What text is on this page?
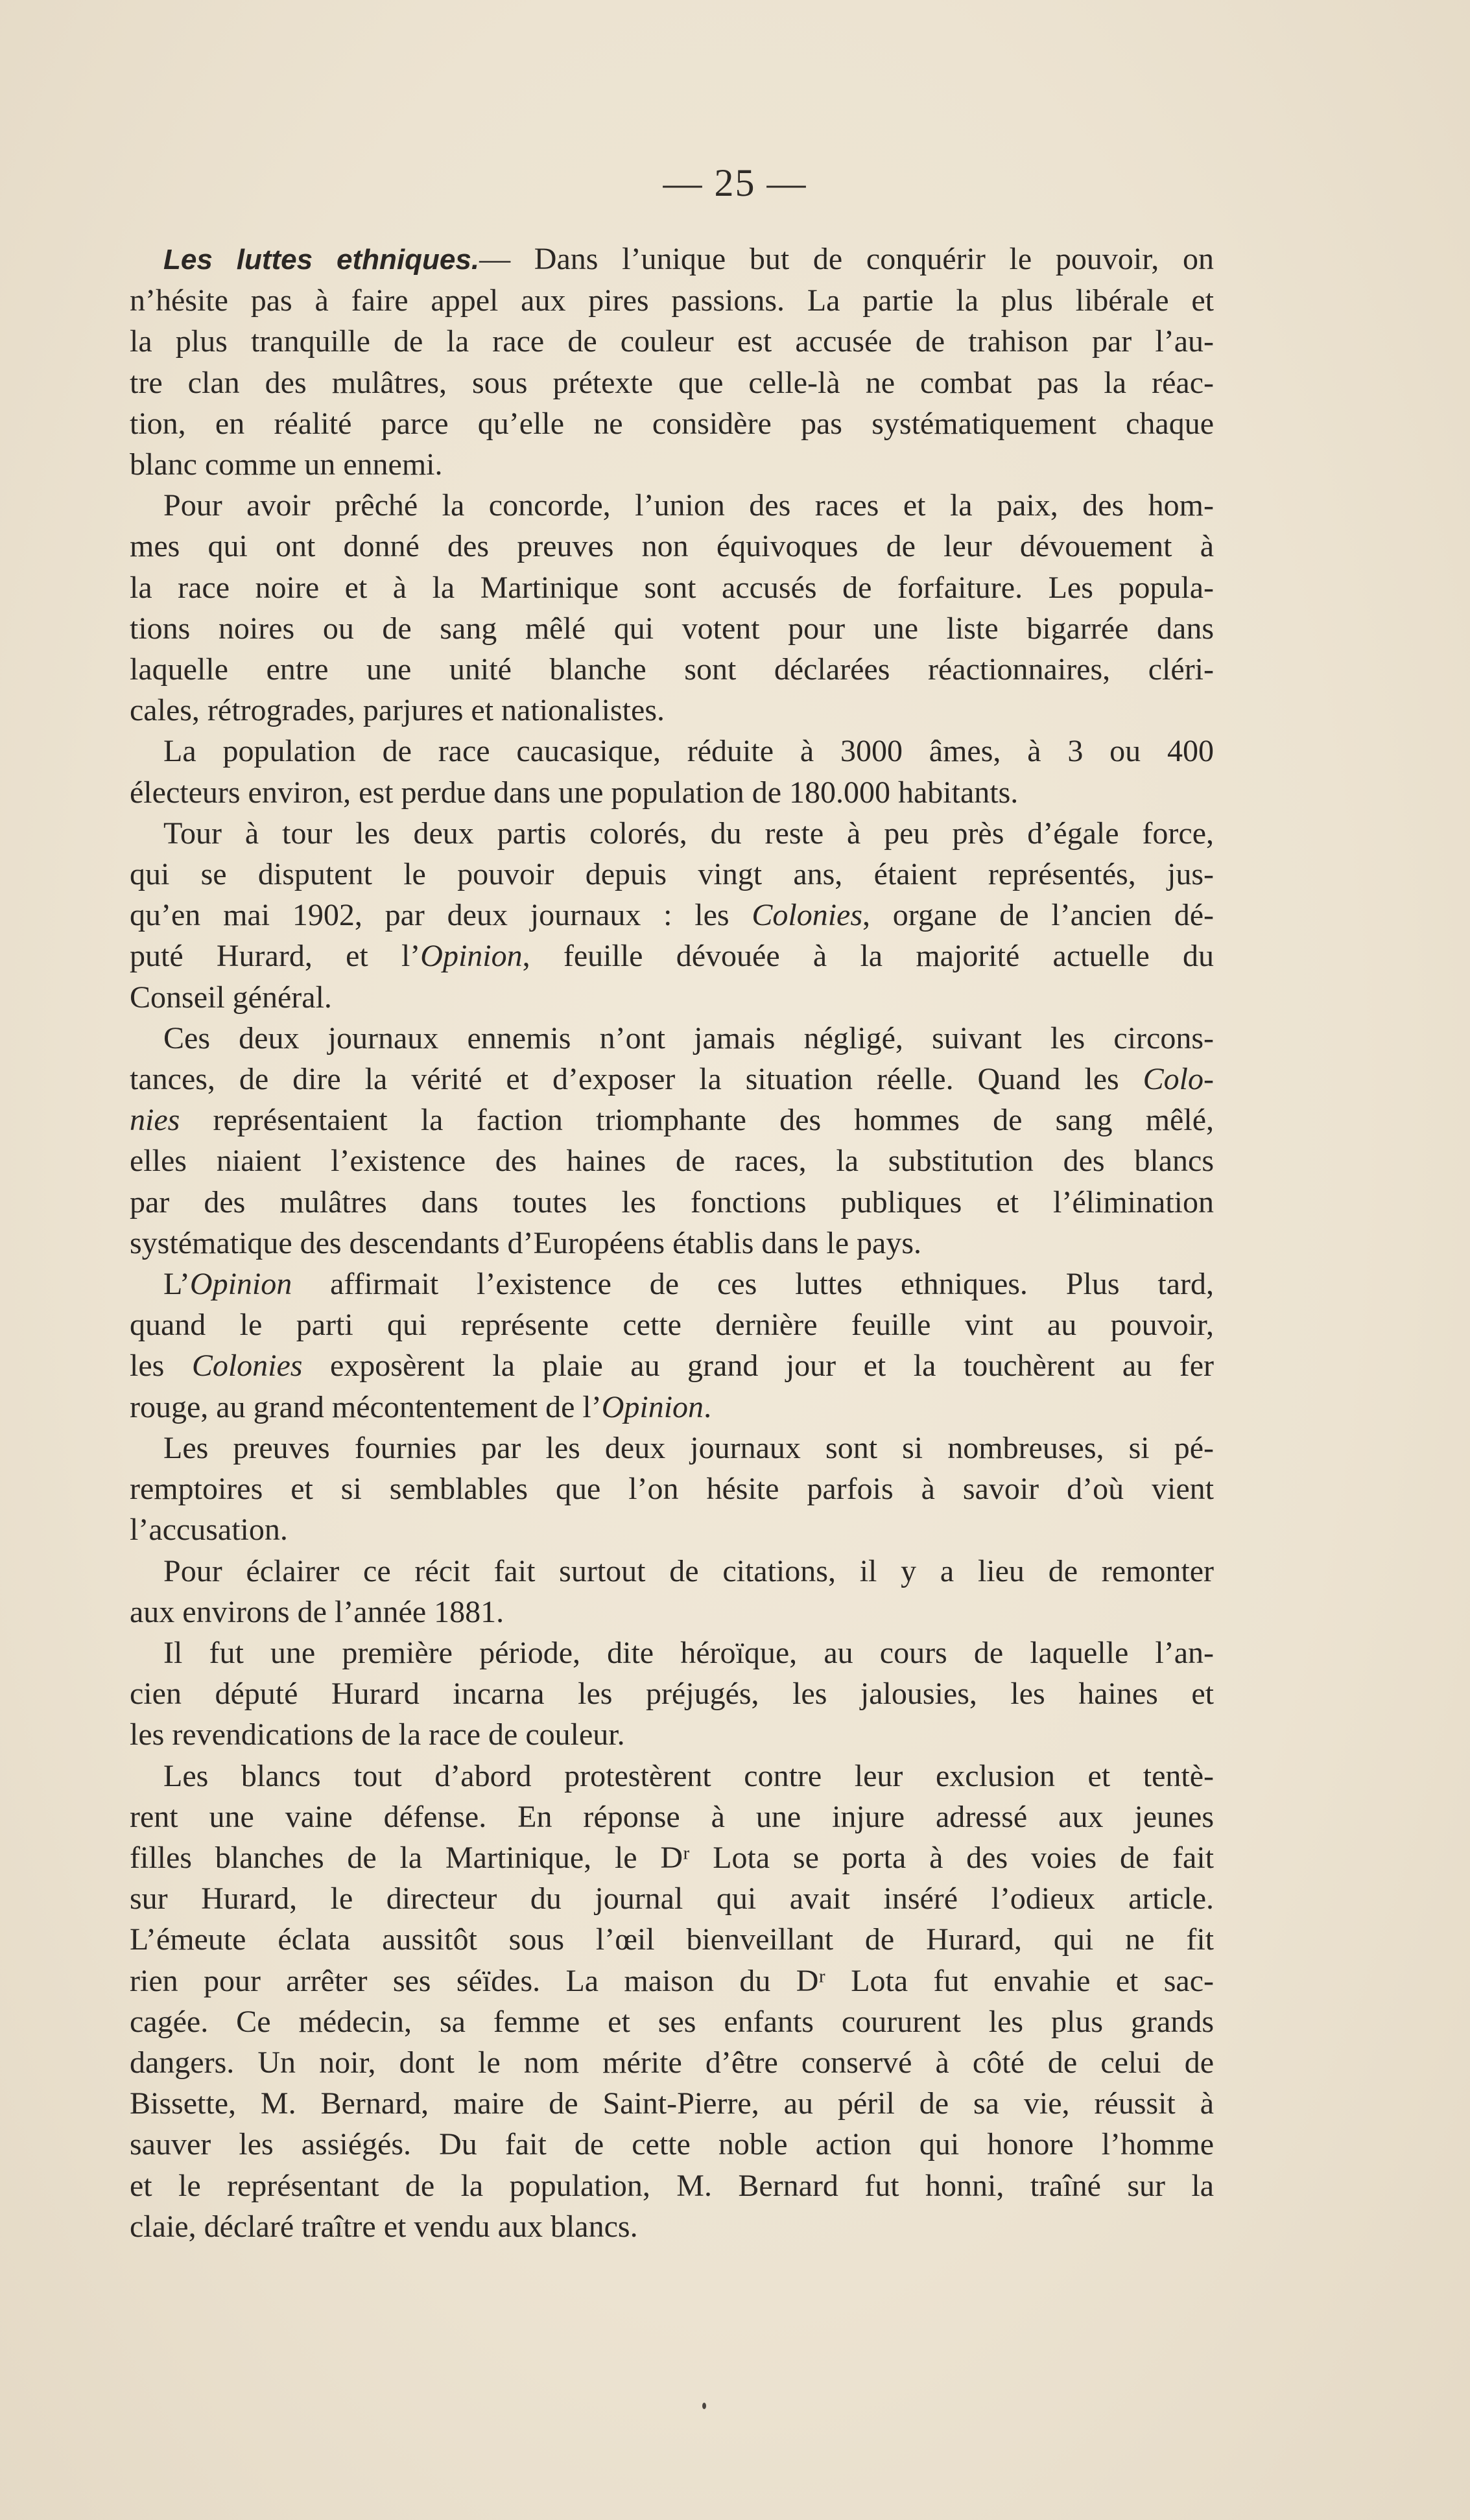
— 25 —
Les luttes ethniques.— Dans l’unique but de conquérir le pouvoir, on
n’hésite pas à faire appel aux pires passions. La partie la plus libérale et
la plus tranquille de la race de couleur est accusée de trahison par l’au-
tre clan des mulâtres, sous prétexte que celle-là ne combat pas la réac-
tion, en réalité parce qu’elle ne considère pas systématiquement chaque
blanc comme un ennemi.
Pour avoir prêché la concorde, l’union des races et la paix, des hom-
mes qui ont donné des preuves non équivoques de leur dévouement à
la race noire et à la Martinique sont accusés de forfaiture. Les popula-
tions noires ou de sang mêlé qui votent pour une liste bigarrée dans
laquelle entre une unité blanche sont déclarées réactionnaires, cléri-
cales, rétrogrades, parjures et nationalistes.
La population de race caucasique, réduite à 3000 âmes, à 3 ou 400
électeurs environ, est perdue dans une population de 180.000 habitants.
Tour à tour les deux partis colorés, du reste à peu près d’égale force,
qui se disputent le pouvoir depuis vingt ans, étaient représentés, jus-
qu’en mai 1902, par deux journaux : les Colonies, organe de l’ancien dé-
puté Hurard, et l’Opinion, feuille dévouée à la majorité actuelle du
Conseil général.
Ces deux journaux ennemis n’ont jamais négligé, suivant les circons-
tances, de dire la vérité et d’exposer la situation réelle. Quand les Colo-
nies représentaient la faction triomphante des hommes de sang mêlé,
elles niaient l’existence des haines de races, la substitution des blancs
par des mulâtres dans toutes les fonctions publiques et l’élimination
systématique des descendants d’Européens établis dans le pays.
L’Opinion affirmait l’existence de ces luttes ethniques. Plus tard,
quand le parti qui représente cette dernière feuille vint au pouvoir,
les Colonies exposèrent la plaie au grand jour et la touchèrent au fer
rouge, au grand mécontentement de l’Opinion.
Les preuves fournies par les deux journaux sont si nombreuses, si pé-
remptoires et si semblables que l’on hésite parfois à savoir d’où vient
l’accusation.
Pour éclairer ce récit fait surtout de citations, il y a lieu de remonter
aux environs de l’année 1881.
Il fut une première période, dite héroïque, au cours de laquelle l’an-
cien député Hurard incarna les préjugés, les jalousies, les haines et
les revendications de la race de couleur.
Les blancs tout d’abord protestèrent contre leur exclusion et tentè-
rent une vaine défense. En réponse à une injure adressé aux jeunes
filles blanches de la Martinique, le Dʳ Lota se porta à des voies de fait
sur Hurard, le directeur du journal qui avait inséré l’odieux article.
L’émeute éclata aussitôt sous l’œil bienveillant de Hurard, qui ne fit
rien pour arrêter ses séïdes. La maison du Dʳ Lota fut envahie et sac-
cagée. Ce médecin, sa femme et ses enfants coururent les plus grands
dangers. Un noir, dont le nom mérite d’être conservé à côté de celui de
Bissette, M. Bernard, maire de Saint-Pierre, au péril de sa vie, réussit à
sauver les assiégés. Du fait de cette noble action qui honore l’homme
et le représentant de la population, M. Bernard fut honni, traîné sur la
claie, déclaré traître et vendu aux blancs.
